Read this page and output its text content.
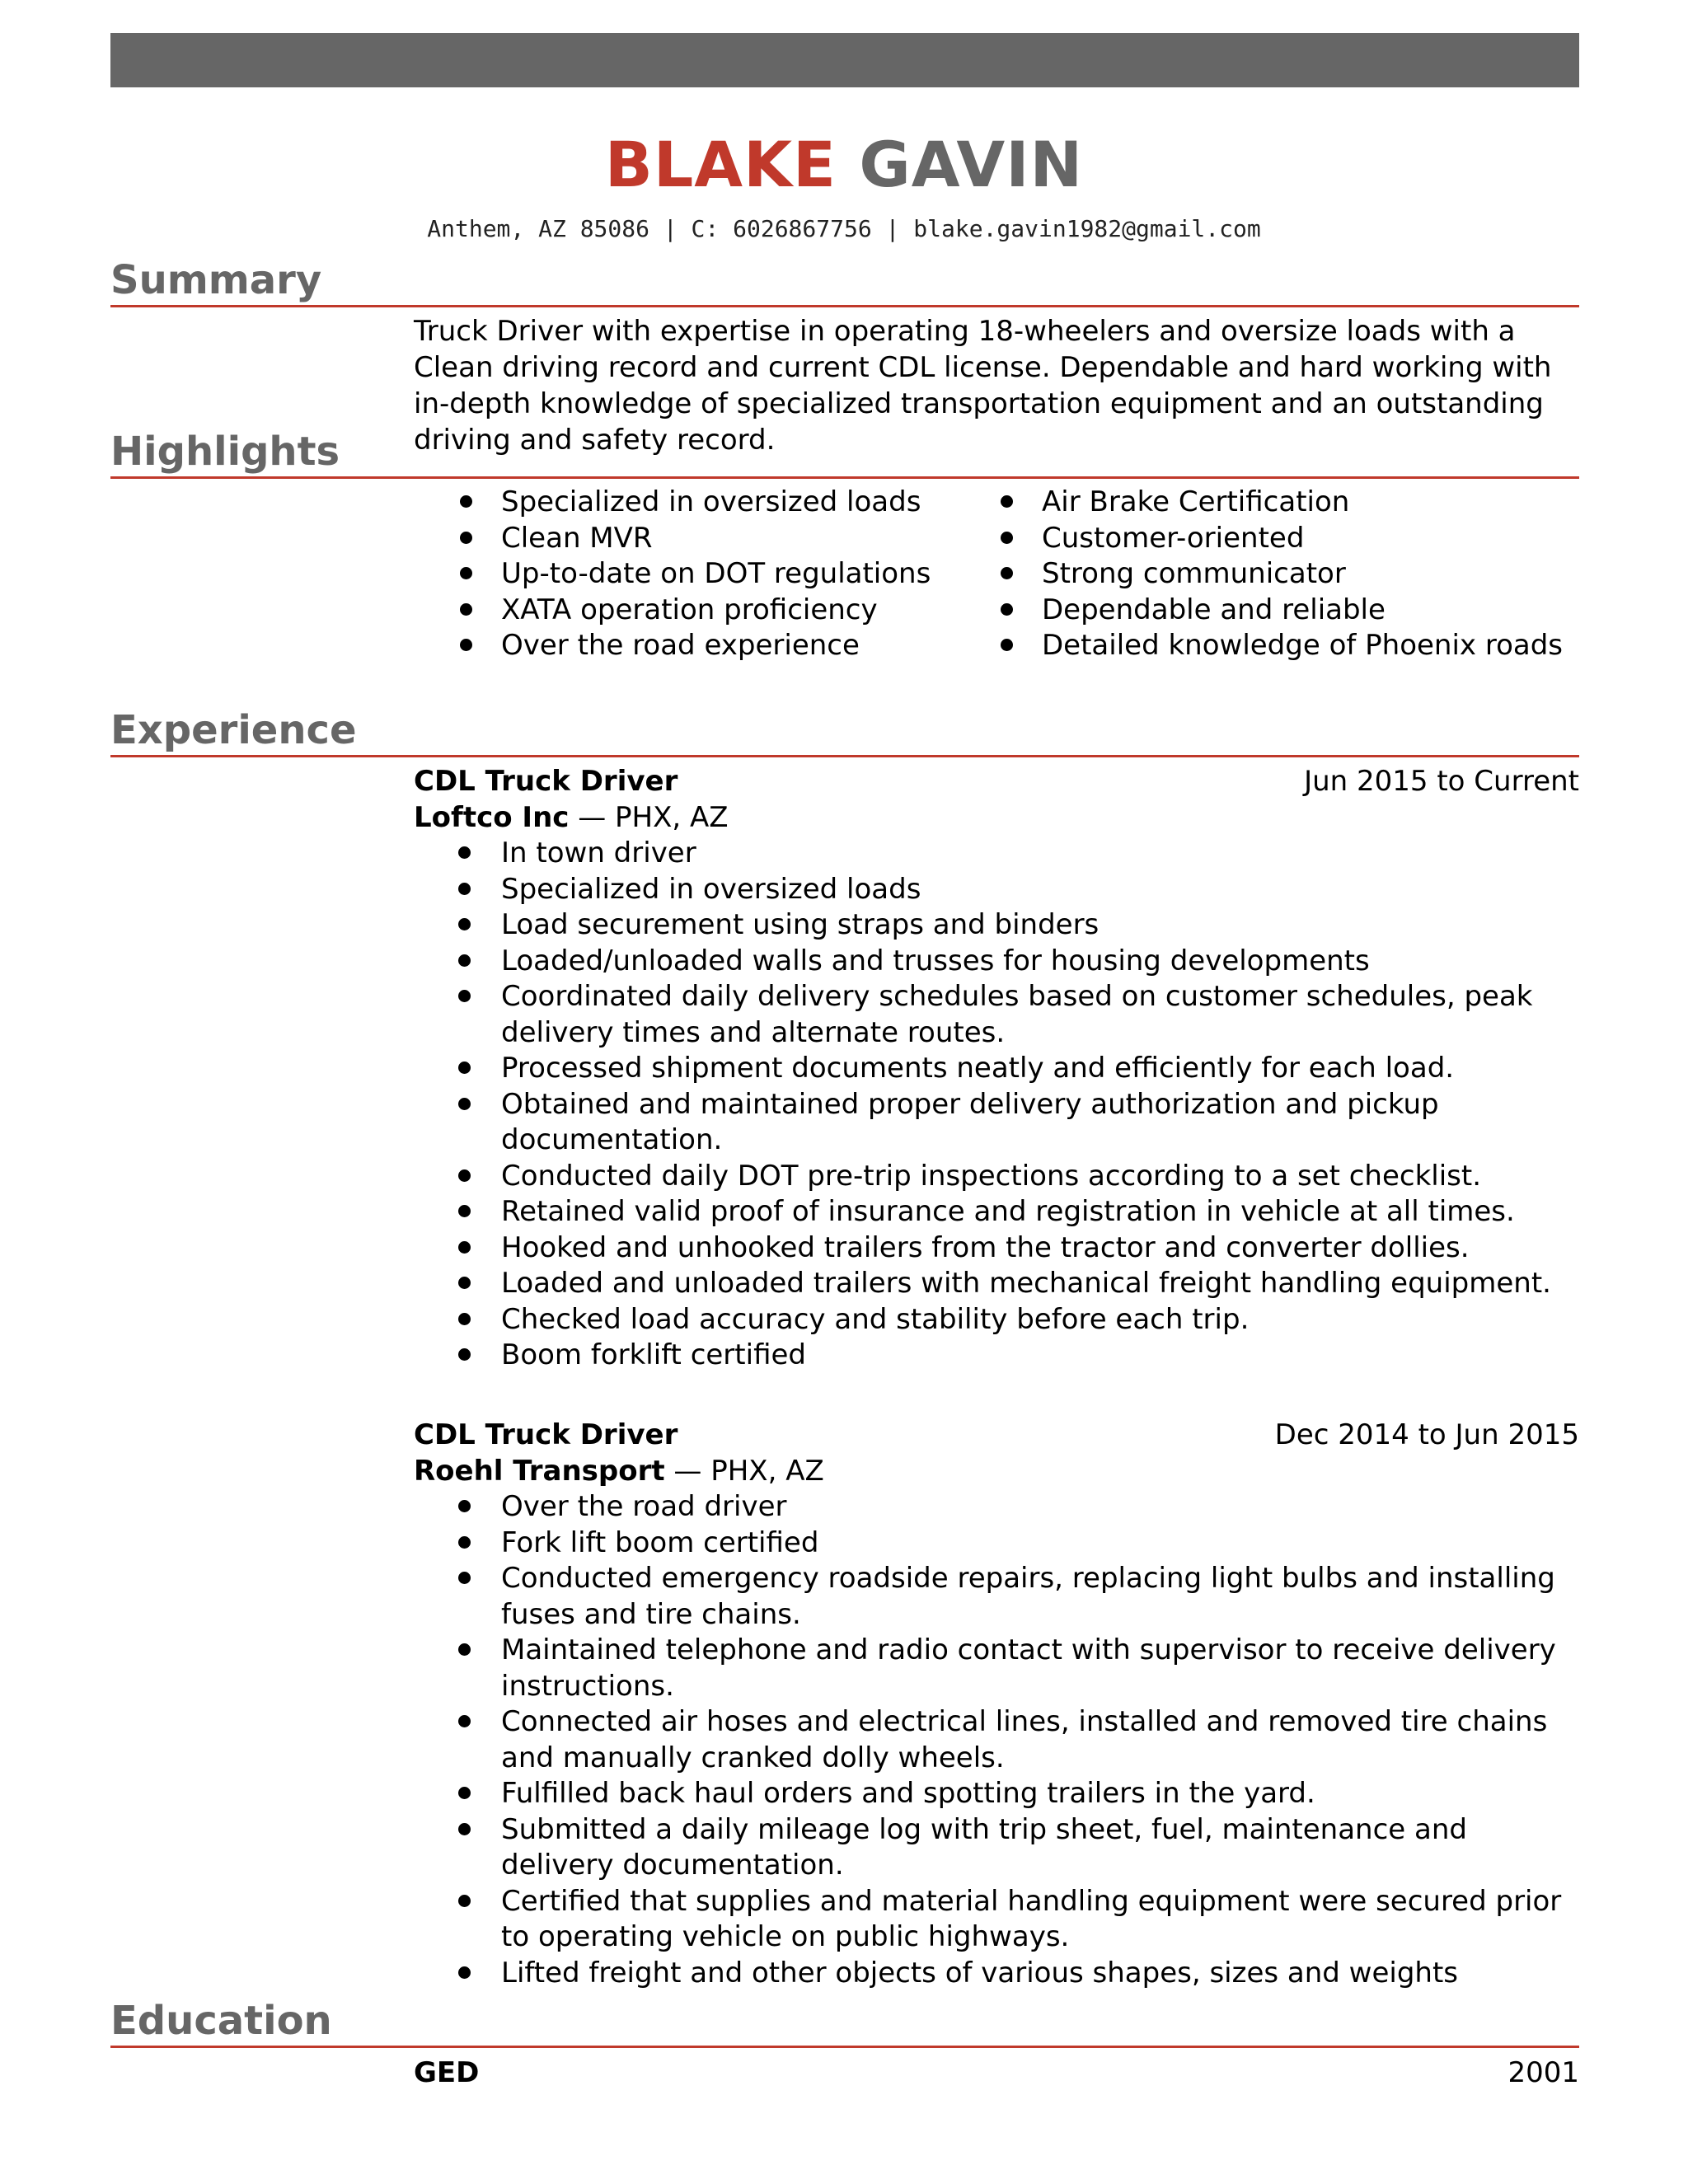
BLAKE GAVIN
Anthem, AZ 85086 | C: 6026867756 | blake.gavin1982@gmail.com
Summary
Truck Driver with expertise in operating 18-wheelers and oversize loads with a Clean driving record and current CDL license. Dependable and hard working with in-depth knowledge of specialized transportation equipment and an outstanding driving and safety record.
Highlights
Specialized in oversized loads
Clean MVR
Up-to-date on DOT regulations
XATA operation proficiency
Over the road experience
Air Brake Certification
Customer-oriented
Strong communicator
Dependable and reliable
Detailed knowledge of Phoenix roads
Experience
CDL Truck Driver	Jun 2015 to Current
Loftco Inc — PHX, AZ
In town driver
Specialized in oversized loads
Load securement using straps and binders
Loaded/unloaded walls and trusses for housing developments
Coordinated daily delivery schedules based on customer schedules, peak delivery times and alternate routes.
Processed shipment documents neatly and efficiently for each load.
Obtained and maintained proper delivery authorization and pickup documentation.
Conducted daily DOT pre-trip inspections according to a set checklist.
Retained valid proof of insurance and registration in vehicle at all times.
Hooked and unhooked trailers from the tractor and converter dollies.
Loaded and unloaded trailers with mechanical freight handling equipment.
Checked load accuracy and stability before each trip.
Boom forklift certified
CDL Truck Driver	Dec 2014 to Jun 2015
Roehl Transport — PHX, AZ
Over the road driver
Fork lift boom certified
Conducted emergency roadside repairs, replacing light bulbs and installing fuses and tire chains.
Maintained telephone and radio contact with supervisor to receive delivery instructions.
Connected air hoses and electrical lines, installed and removed tire chains and manually cranked dolly wheels.
Fulfilled back haul orders and spotting trailers in the yard.
Submitted a daily mileage log with trip sheet, fuel, maintenance and delivery documentation.
Certified that supplies and material handling equipment were secured prior to operating vehicle on public highways.
Lifted freight and other objects of various shapes, sizes and weights
Education
GED	2001
